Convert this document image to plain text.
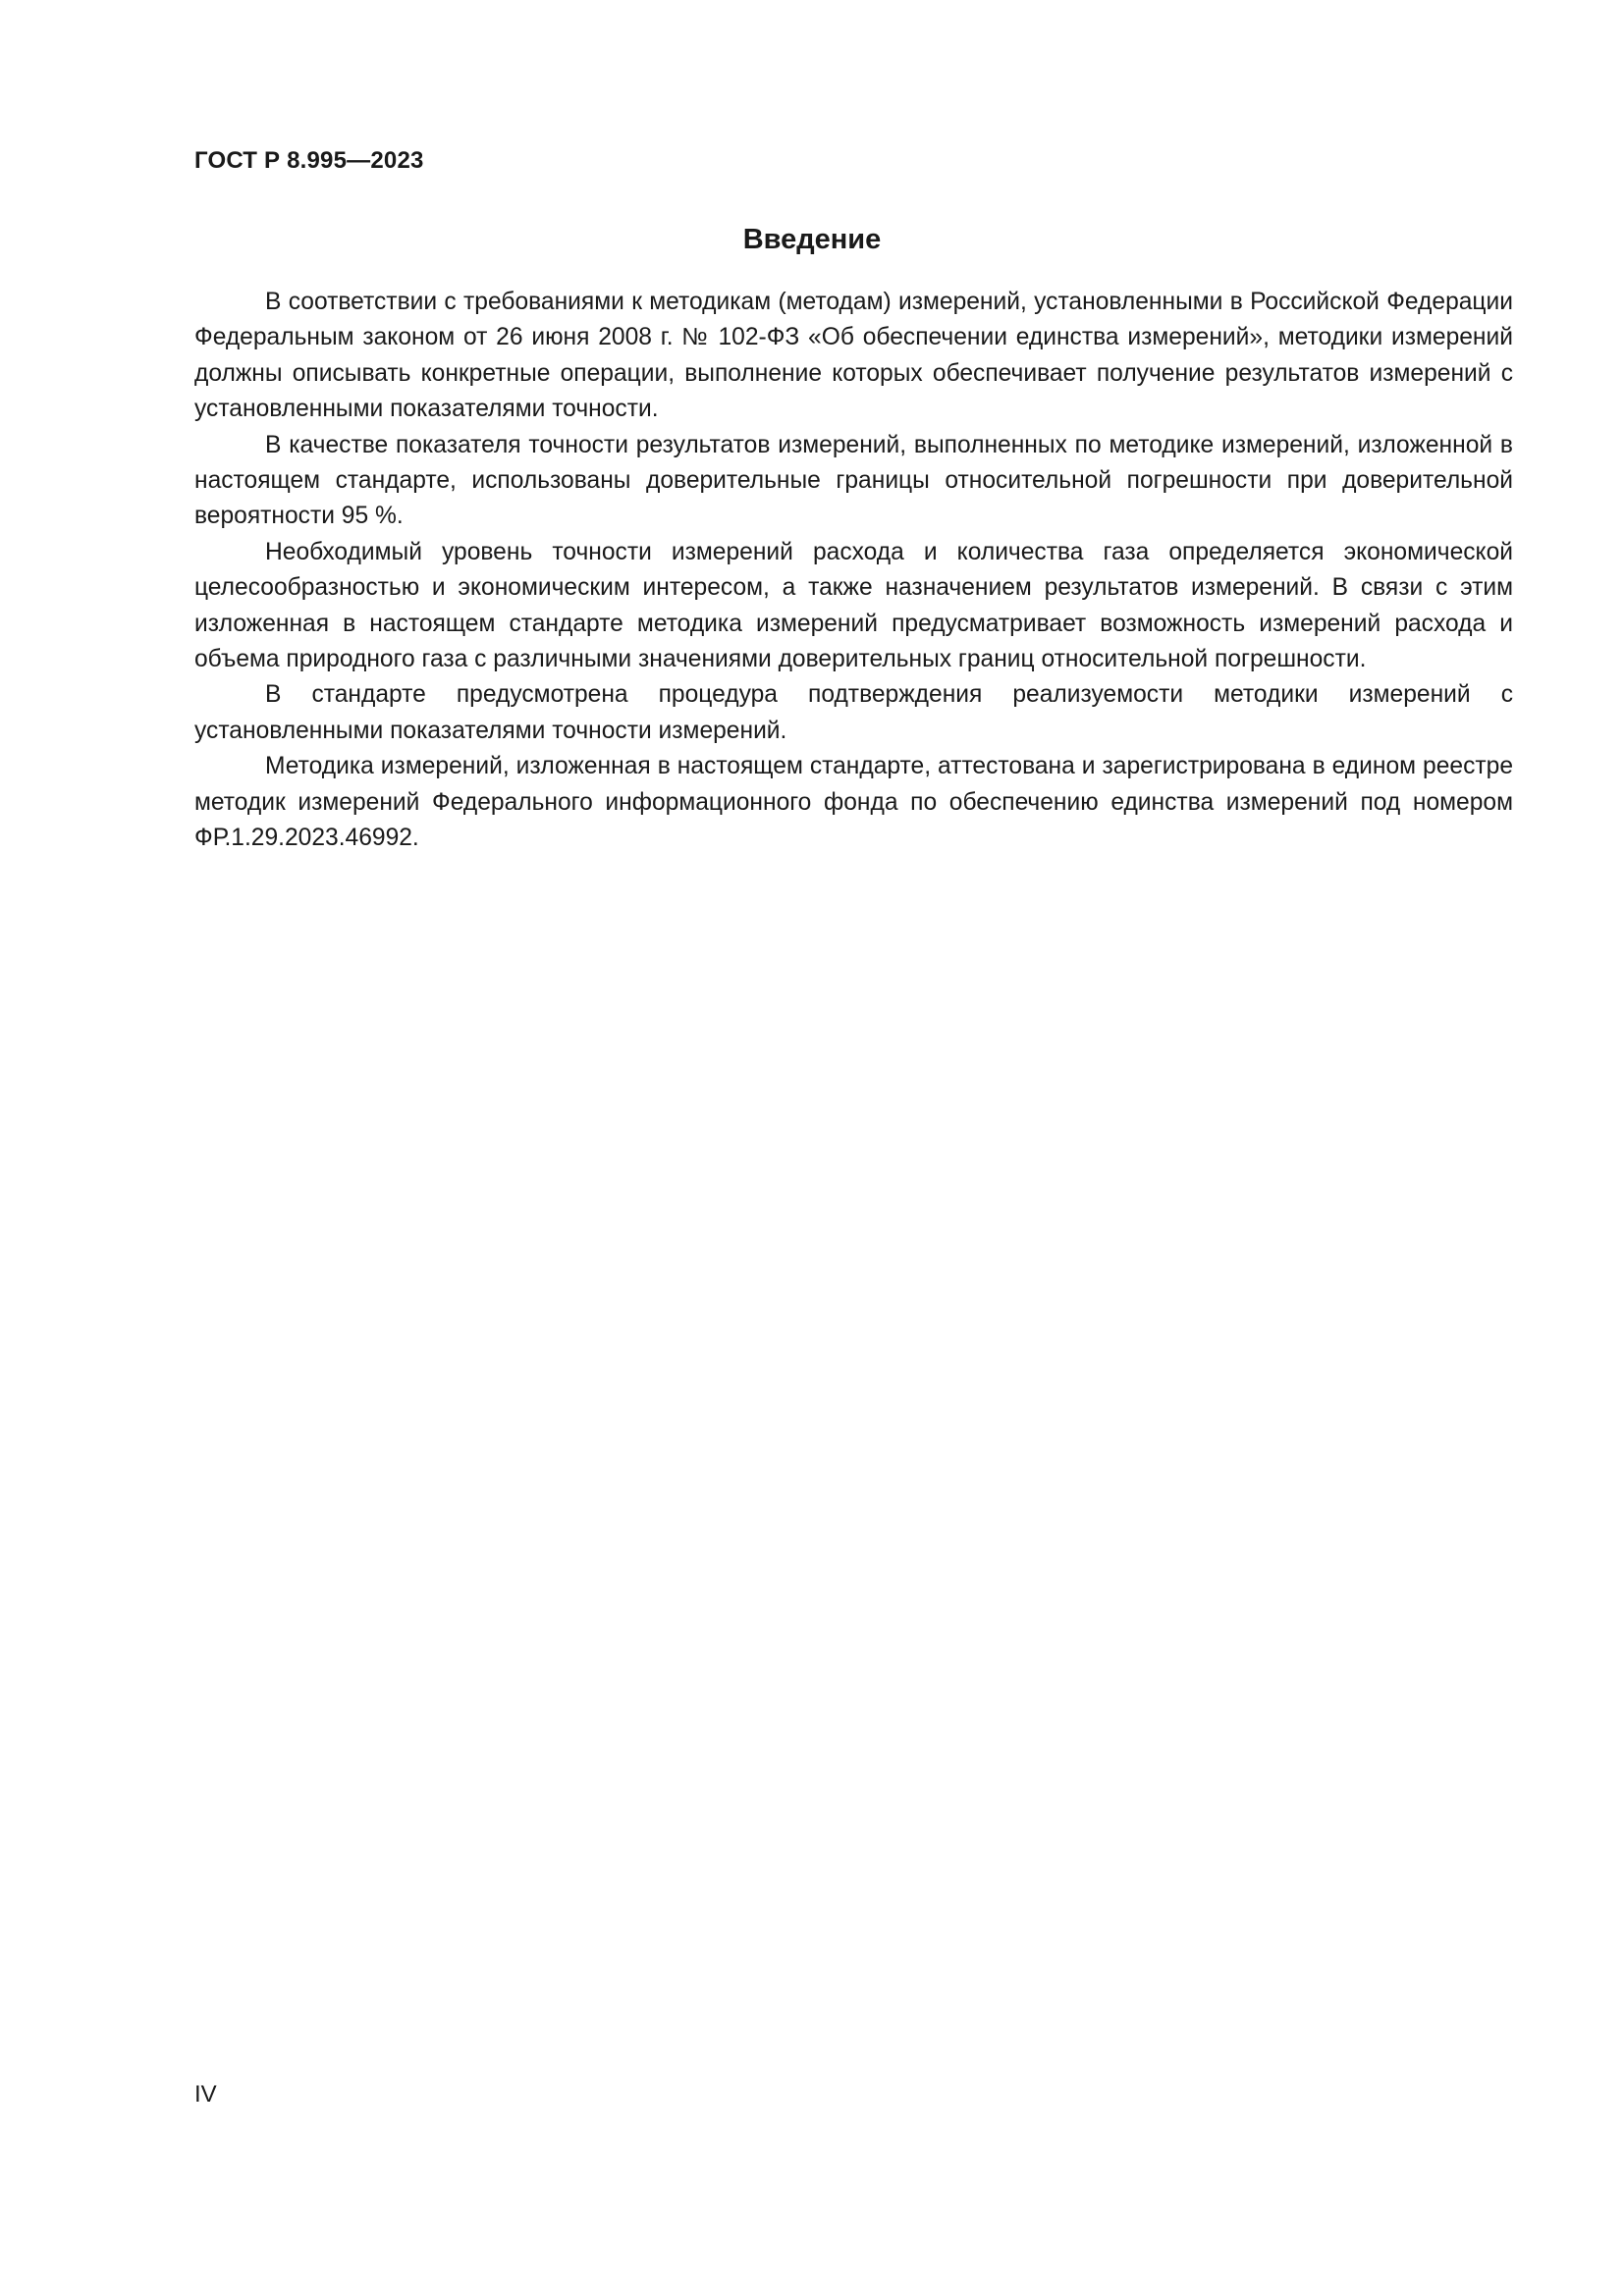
ГОСТ Р 8.995—2023
Введение

В соответствии с требованиями к методикам (методам) измерений, установленными в Российской Федерации Федеральным законом от 26 июня 2008 г. № 102-ФЗ «Об обеспечении единства измерений», методики измерений должны описывать конкретные операции, выполнение которых обеспечивает получение результатов измерений с установленными показателями точности.

В качестве показателя точности результатов измерений, выполненных по методике измерений, изложенной в настоящем стандарте, использованы доверительные границы относительной погрешности при доверительной вероятности 95 %.

Необходимый уровень точности измерений расхода и количества газа определяется экономической целесообразностью и экономическим интересом, а также назначением результатов измерений. В связи с этим изложенная в настоящем стандарте методика измерений предусматривает возможность измерений расхода и объема природного газа с различными значениями доверительных границ относительной погрешности.

В стандарте предусмотрена процедура подтверждения реализуемости методики измерений с установленными показателями точности измерений.

Методика измерений, изложенная в настоящем стандарте, аттестована и зарегистрирована в едином реестре методик измерений Федерального информационного фонда по обеспечению единства измерений под номером ФР.1.29.2023.46992.

IV
